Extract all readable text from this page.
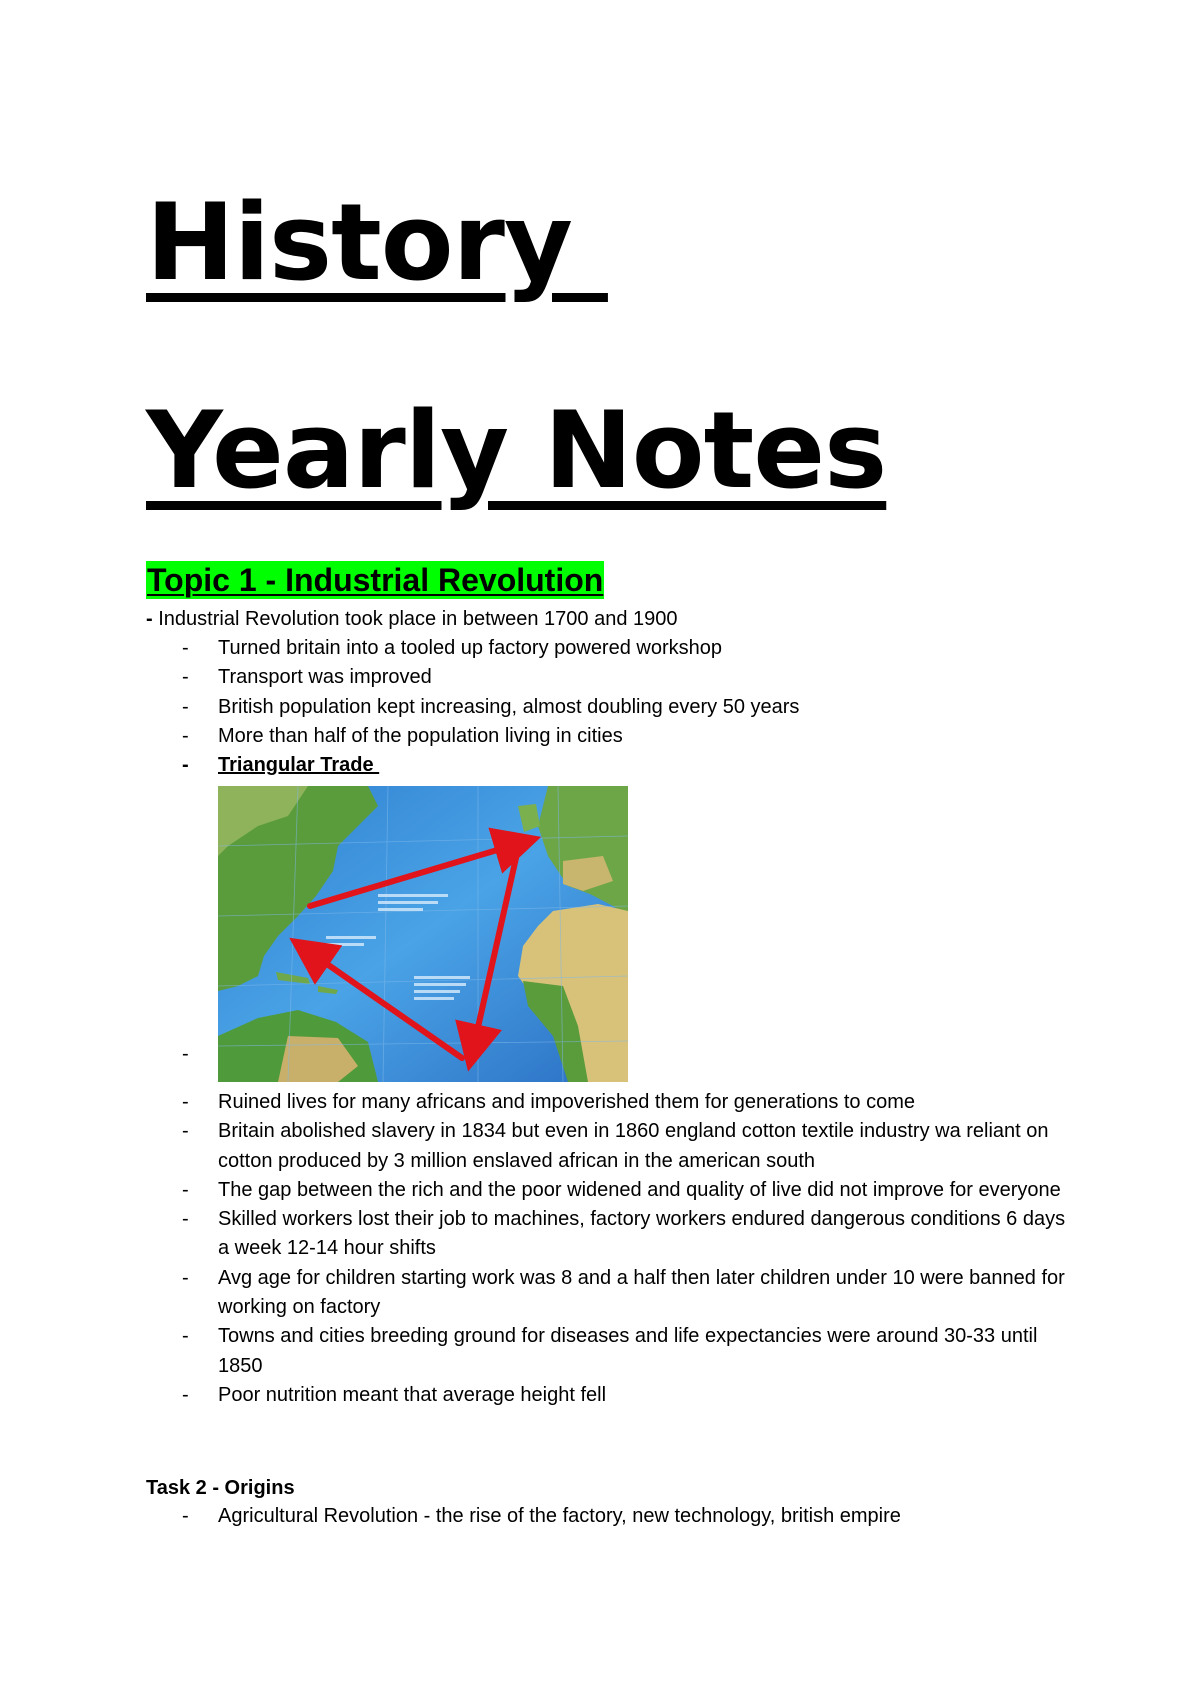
History
Yearly Notes
Topic 1 - Industrial Revolution

- Industrial Revolution took place in between 1700 and 1900

- Turned britain into a tooled up factory powered workshop
- Transport was improved
- British population kept increasing, almost doubling every 50 years
- More than half of the population living in cities
- Triangular Trade
-
- Ruined lives for many africans and impoverished them for generations to come
- Britain abolished slavery in 1834 but even in 1860 england cotton textile industry wa reliant on cotton produced by 3 million enslaved african in the american south
- The gap between the rich and the poor widened and quality of live did not improve for everyone
- Skilled workers lost their job to machines, factory workers endured dangerous conditions 6 days a week 12-14 hour shifts
- Avg age for children starting work was 8 and a half then later children under 10 were banned for working on factory
- Towns and cities breeding ground for diseases and life expectancies were around 30-33 until 1850
- Poor nutrition meant that average height fell
Task 2 - Origins
- Agricultural Revolution - the rise of the factory, new technology, british empire
